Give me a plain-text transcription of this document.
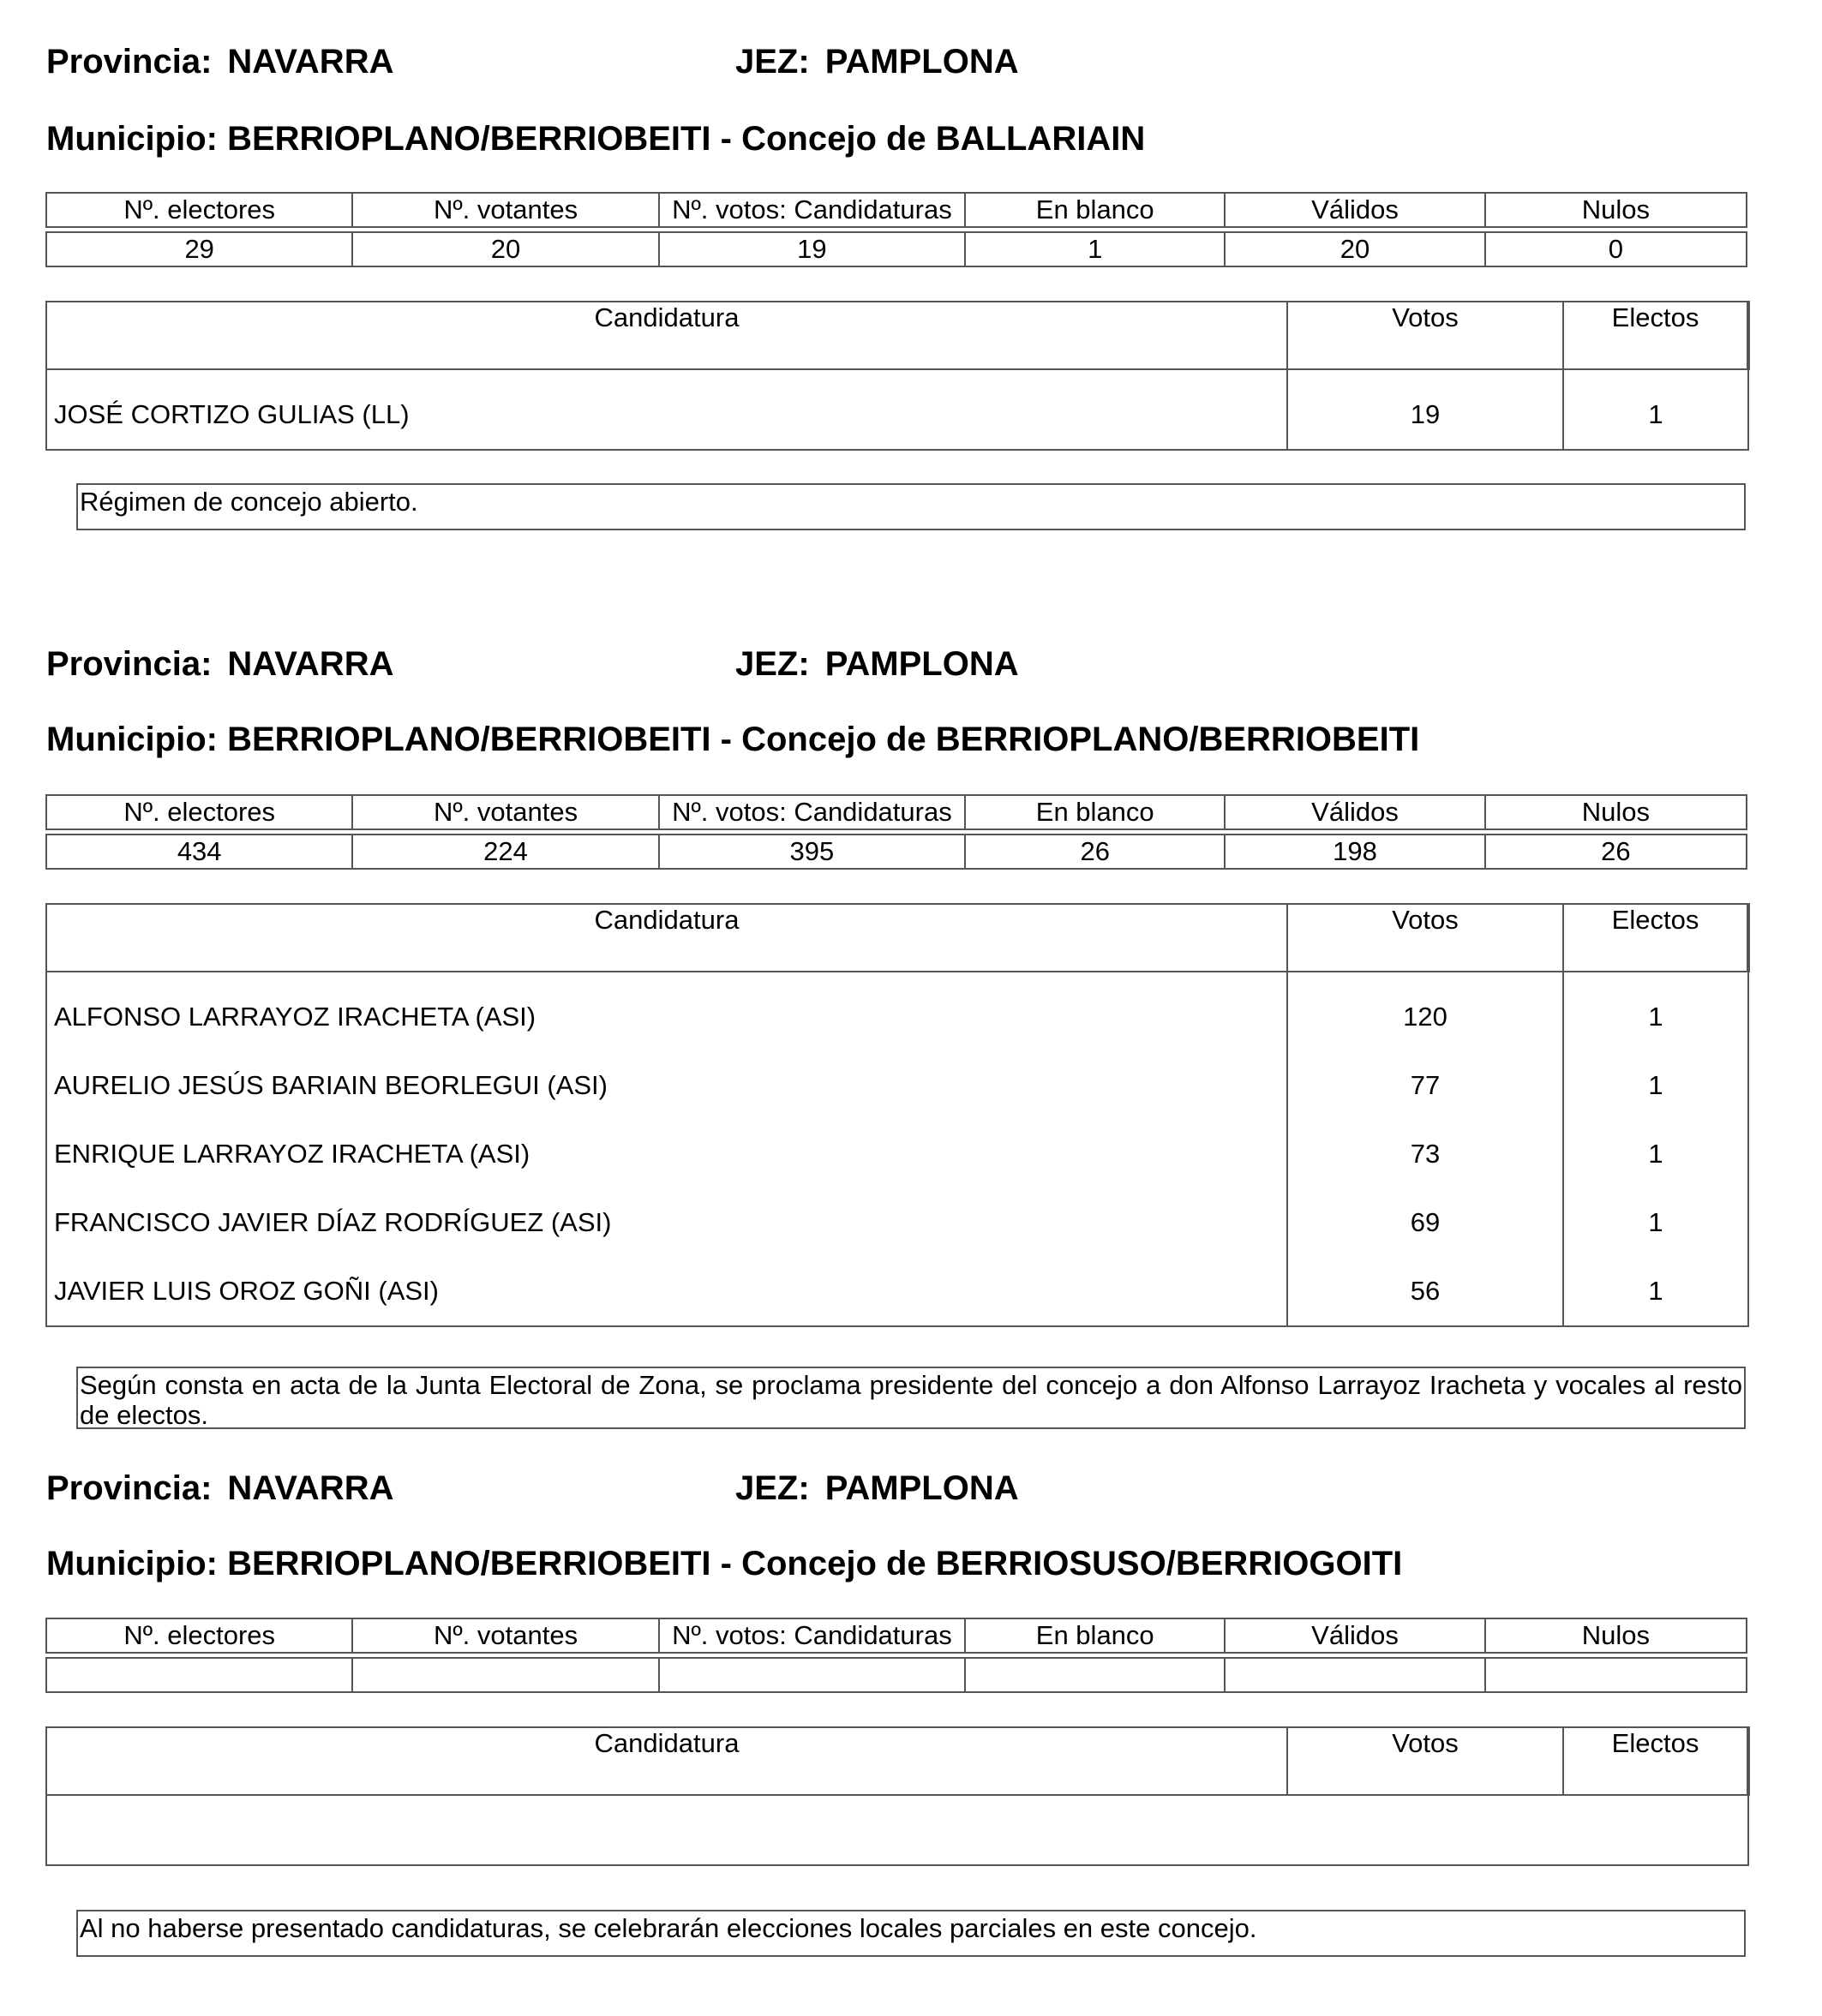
Provincia: NAVARRA	JEZ: PAMPLONA
Municipio: BERRIOPLANO/BERRIOBEITI - Concejo de BALLARIAIN
Nº. electores	Nº. votantes	Nº. votos: Candidaturas	En blanco	Válidos	Nulos

29	20	19	1	20	0
Candidatura	Votos	Electos
JOSÉ CORTIZO GULIAS (LL)	19	1
Régimen de concejo abierto.
Provincia: NAVARRA	JEZ: PAMPLONA
Municipio: BERRIOPLANO/BERRIOBEITI - Concejo de BERRIOPLANO/BERRIOBEITI
Nº. electores	Nº. votantes	Nº. votos: Candidaturas	En blanco	Válidos	Nulos

434	224	395	26	198	26
Candidatura	Votos	Electos
ALFONSO LARRAYOZ IRACHETA (ASI)	120	1
AURELIO JESÚS BARIAIN BEORLEGUI (ASI)	77	1
ENRIQUE LARRAYOZ IRACHETA (ASI)	73	1
FRANCISCO JAVIER DÍAZ RODRÍGUEZ (ASI)	69	1
JAVIER LUIS OROZ GOÑI (ASI)	56	1
Según consta en acta de la Junta Electoral de Zona, se proclama presidente del concejo a don Alfonso Larrayoz Iracheta y vocales al resto de electos.
Provincia: NAVARRA	JEZ: PAMPLONA
Municipio: BERRIOPLANO/BERRIOBEITI - Concejo de BERRIOSUSO/BERRIOGOITI
Nº. electores	Nº. votantes	Nº. votos: Candidaturas	En blanco	Válidos	Nulos

Candidatura	Votos	Electos

Al no haberse presentado candidaturas, se celebrarán elecciones locales parciales en este concejo.
